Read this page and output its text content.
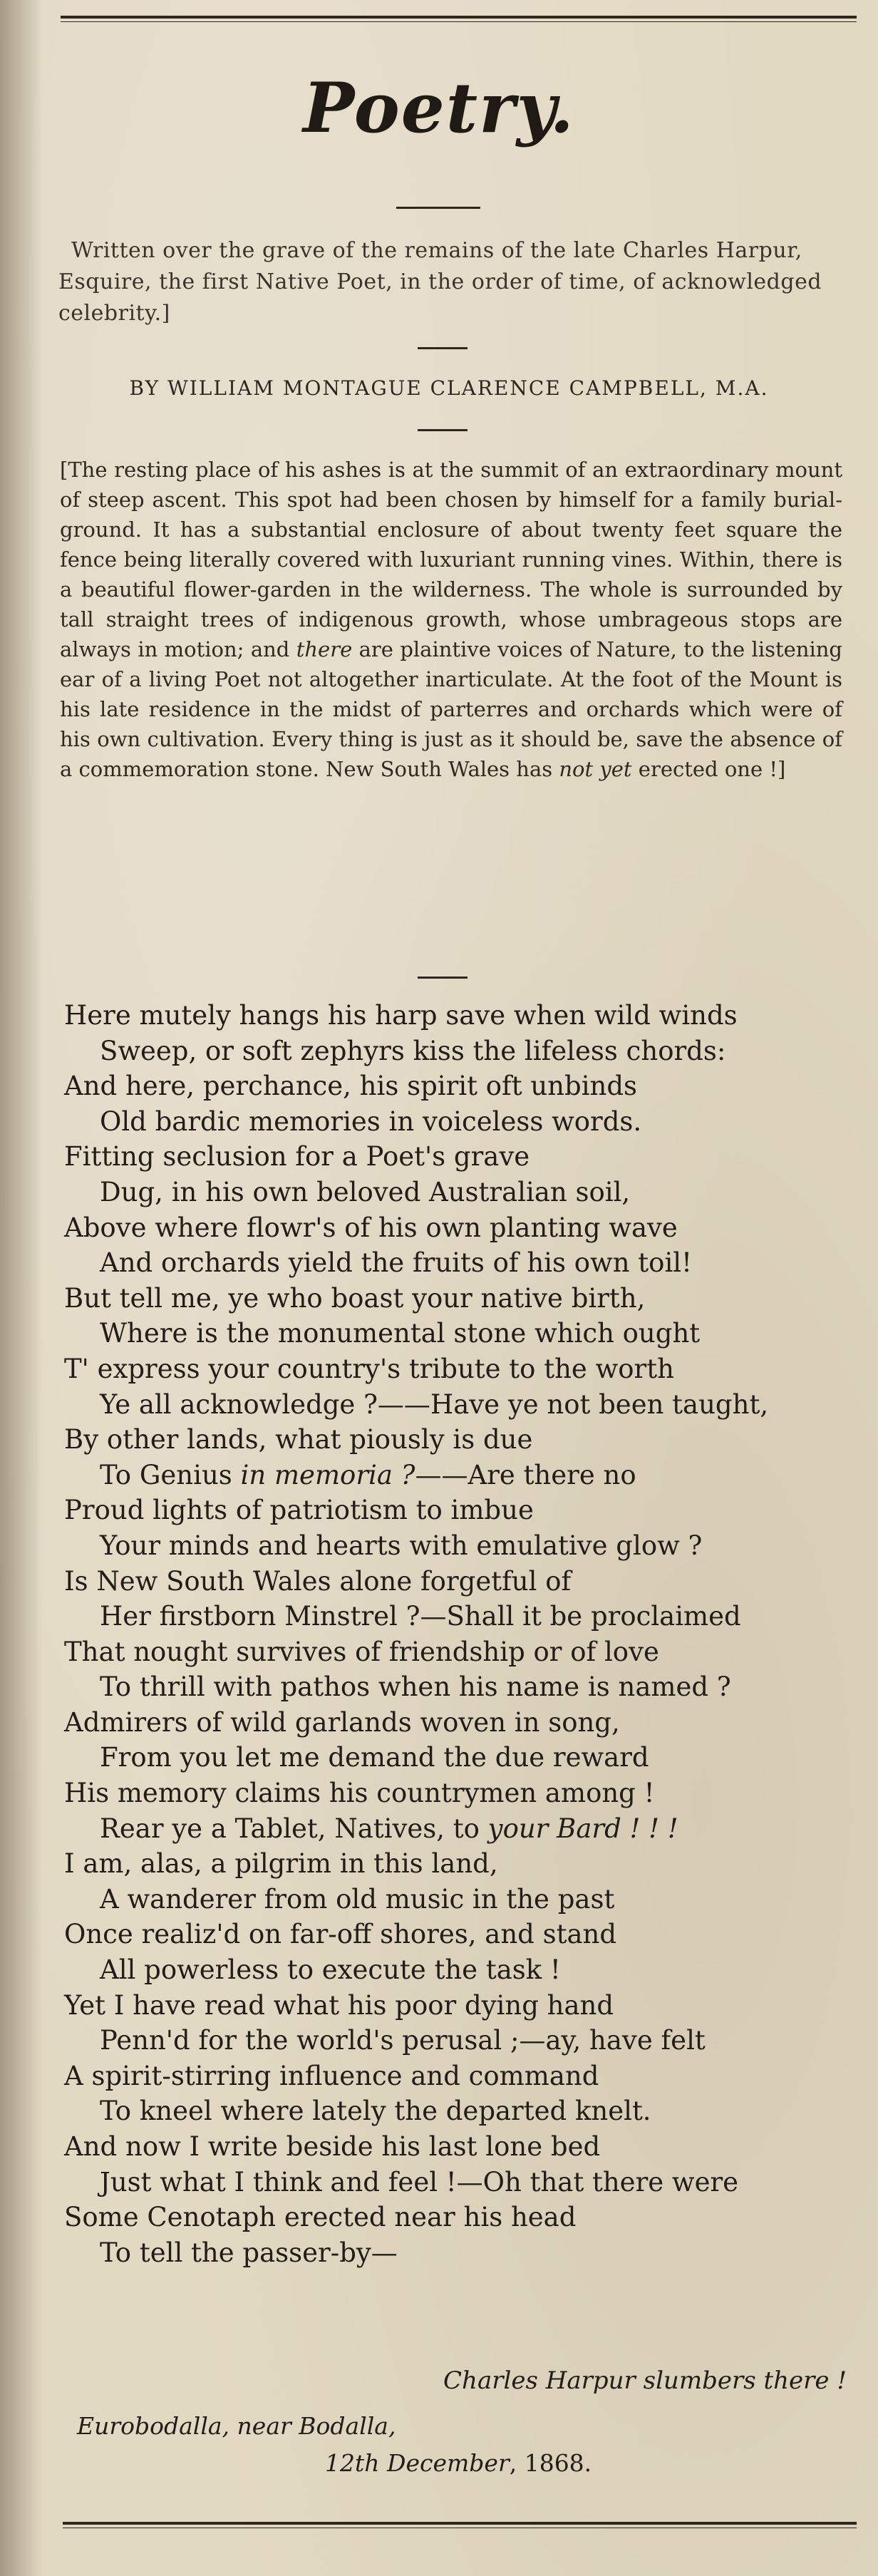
Poetry.
Written over the grave of the remains of the late Charles Harpur, Esquire, the first Native Poet, in the order of time, of acknowledged celebrity.]
BY WILLIAM MONTAGUE CLARENCE CAMPBELL, M.A.

[The resting place of his ashes is at the summit of an extraordinary mount of steep ascent. This spot had been chosen by himself for a family burial-ground. It has a substantial enclosure of about twenty feet square the fence being literally covered with luxuriant running vines. Within, there is a beautiful flower-garden in the wilderness. The whole is surrounded by tall straight trees of indigenous growth, whose umbrageous stops are always in motion; and there are plaintive voices of Nature, to the listening ear of a living Poet not altogether inarticulate. At the foot of the Mount is his late residence in the midst of parterres and orchards which were of his own cultivation. Every thing is just as it should be, save the absence of a commemoration stone. New South Wales has not yet erected one !]

Here mutely hangs his harp save when wild winds
Sweep, or soft zephyrs kiss the lifeless chords:
And here, perchance, his spirit oft unbinds
Old bardic memories in voiceless words.
Fitting seclusion for a Poet's grave
Dug, in his own beloved Australian soil,
Above where flowr's of his own planting wave
And orchards yield the fruits of his own toil!
But tell me, ye who boast your native birth,
Where is the monumental stone which ought
T' express your country's tribute to the worth
Ye all acknowledge ?——Have ye not been taught,
By other lands, what piously is due
To Genius in memoria ?——Are there no
Proud lights of patriotism to imbue
Your minds and hearts with emulative glow ?
Is New South Wales alone forgetful of
Her firstborn Minstrel ?—Shall it be proclaimed
That nought survives of friendship or of love
To thrill with pathos when his name is named ?
Admirers of wild garlands woven in song,
From you let me demand the due reward
His memory claims his countrymen among !
Rear ye a Tablet, Natives, to your Bard ! ! !
I am, alas, a pilgrim in this land,
A wanderer from old music in the past
Once realiz'd on far-off shores, and stand
All powerless to execute the task !
Yet I have read what his poor dying hand
Penn'd for the world's perusal ;—ay, have felt
A spirit-stirring influence and command
To kneel where lately the departed knelt.
And now I write beside his last lone bed
Just what I think and feel !—Oh that there were
Some Cenotaph erected near his head
To tell the passer-by—
Charles Harpur slumbers there !
Eurobodalla, near Bodalla,
12th December, 1868.
